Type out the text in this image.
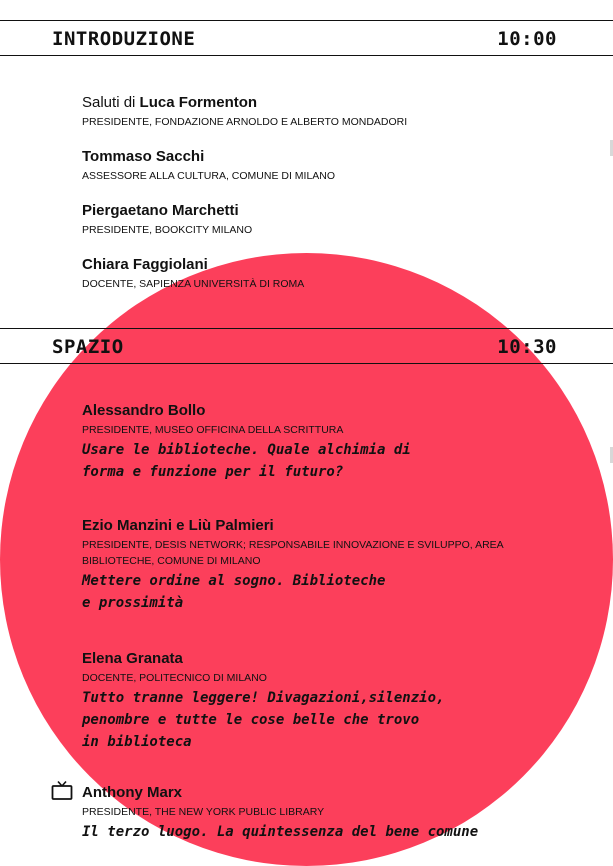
INTRODUZIONE	10:00
Saluti di Luca Formenton
PRESIDENTE, FONDAZIONE ARNOLDO E ALBERTO MONDADORI
Tommaso Sacchi
ASSESSORE ALLA CULTURA, COMUNE DI MILANO
Piergaetano Marchetti
PRESIDENTE, BOOKCITY MILANO
Chiara Faggiolani
DOCENTE, SAPIENZA UNIVERSITÀ DI ROMA
SPAZIO	10:30
Alessandro Bollo
PRESIDENTE, MUSEO OFFICINA DELLA SCRITTURA
Usare le biblioteche. Quale alchimia di
forma e funzione per il futuro?
Ezio Manzini e Liù Palmieri
PRESIDENTE, DESIS NETWORK; RESPONSABILE INNOVAZIONE E SVILUPPO, AREA
BIBLIOTECHE, COMUNE DI MILANO
Mettere ordine al sogno. Biblioteche
e prossimità
Elena Granata
DOCENTE, POLITECNICO DI MILANO
Tutto tranne leggere! Divagazioni,silenzio,
penombre e tutte le cose belle che trovo
in biblioteca
Anthony Marx
PRESIDENTE, THE NEW YORK PUBLIC LIBRARY
Il terzo luogo. La quintessenza del bene comune
